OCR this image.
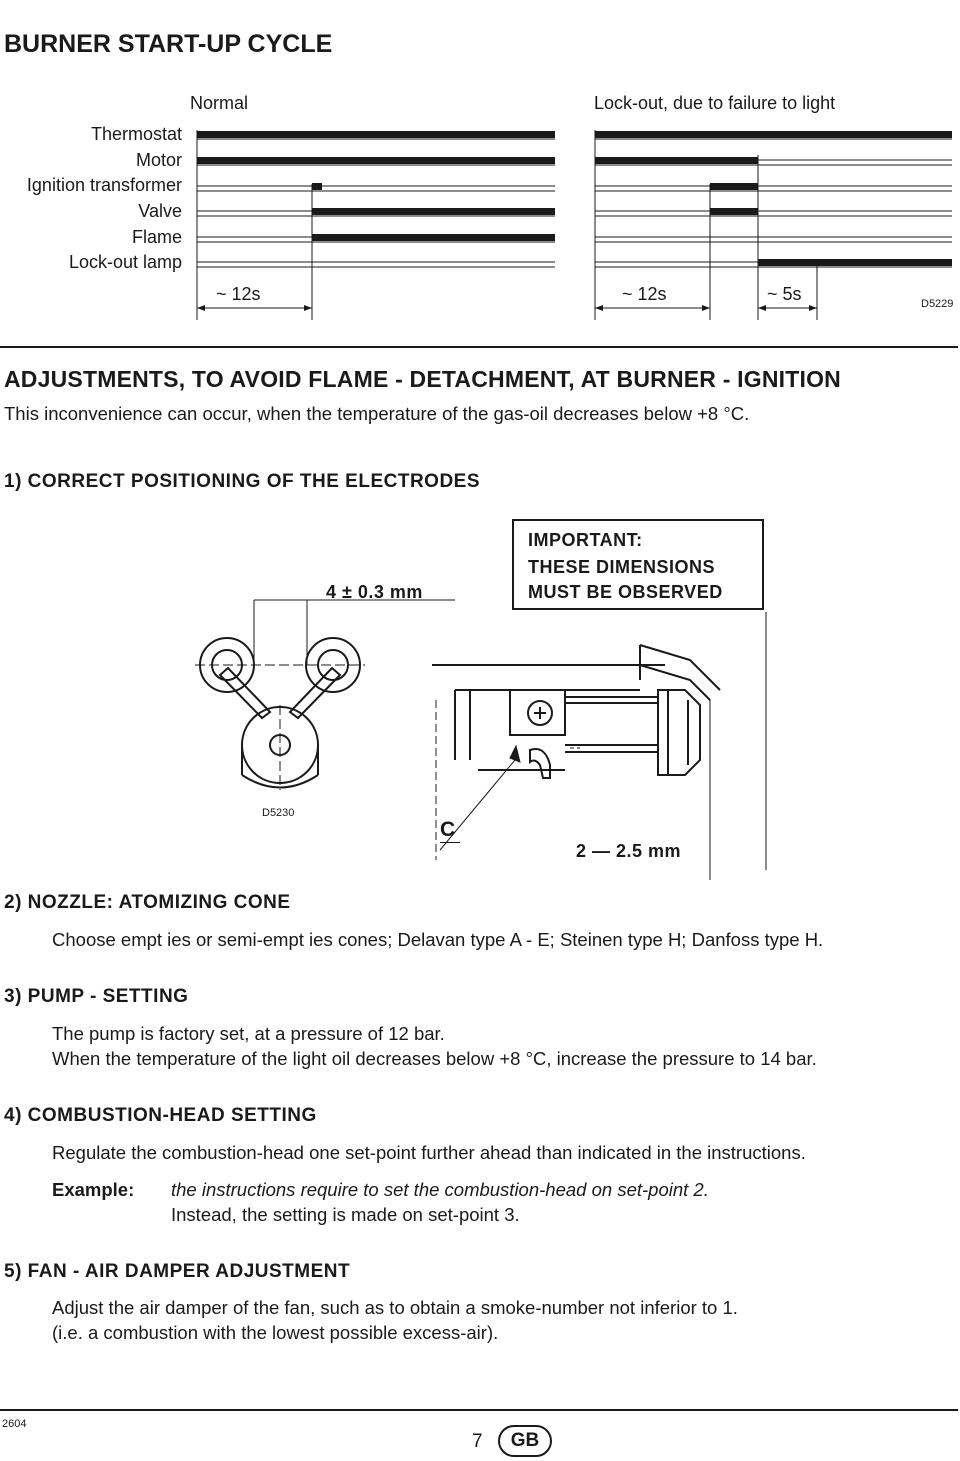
BURNER START-UP CYCLE
Normal	Lock-out, due to failure to light
Thermostat
Motor
Ignition transformer
Valve
Flame
Lock-out lamp
~ 12s	~ 12s	~ 5s	D5229
ADJUSTMENTS, TO AVOID FLAME - DETACHMENT, AT BURNER - IGNITION
This inconvenience can occur, when the temperature of the gas-oil decreases below +8 °C.
1) CORRECT POSITIONING OF THE ELECTRODES
4 ± 0.3 mm
IMPORTANT:
THESE DIMENSIONS
MUST BE OBSERVED
D5230
C
2 — 2.5 mm
2) NOZZLE: ATOMIZING CONE
Choose empt ies or semi-empt ies cones; Delavan type A - E; Steinen type H; Danfoss type H.
3) PUMP - SETTING
The pump is factory set, at a pressure of 12 bar.
When the temperature of the light oil decreases below +8 °C, increase the pressure to 14 bar.
4) COMBUSTION-HEAD SETTING
Regulate the combustion-head one set-point further ahead than indicated in the instructions.
Example: the instructions require to set the combustion-head on set-point 2.
Instead, the setting is made on set-point 3.
5) FAN - AIR DAMPER ADJUSTMENT
Adjust the air damper of the fan, such as to obtain a smoke-number not inferior to 1.
(i.e. a combustion with the lowest possible excess-air).
2604
7	GB
